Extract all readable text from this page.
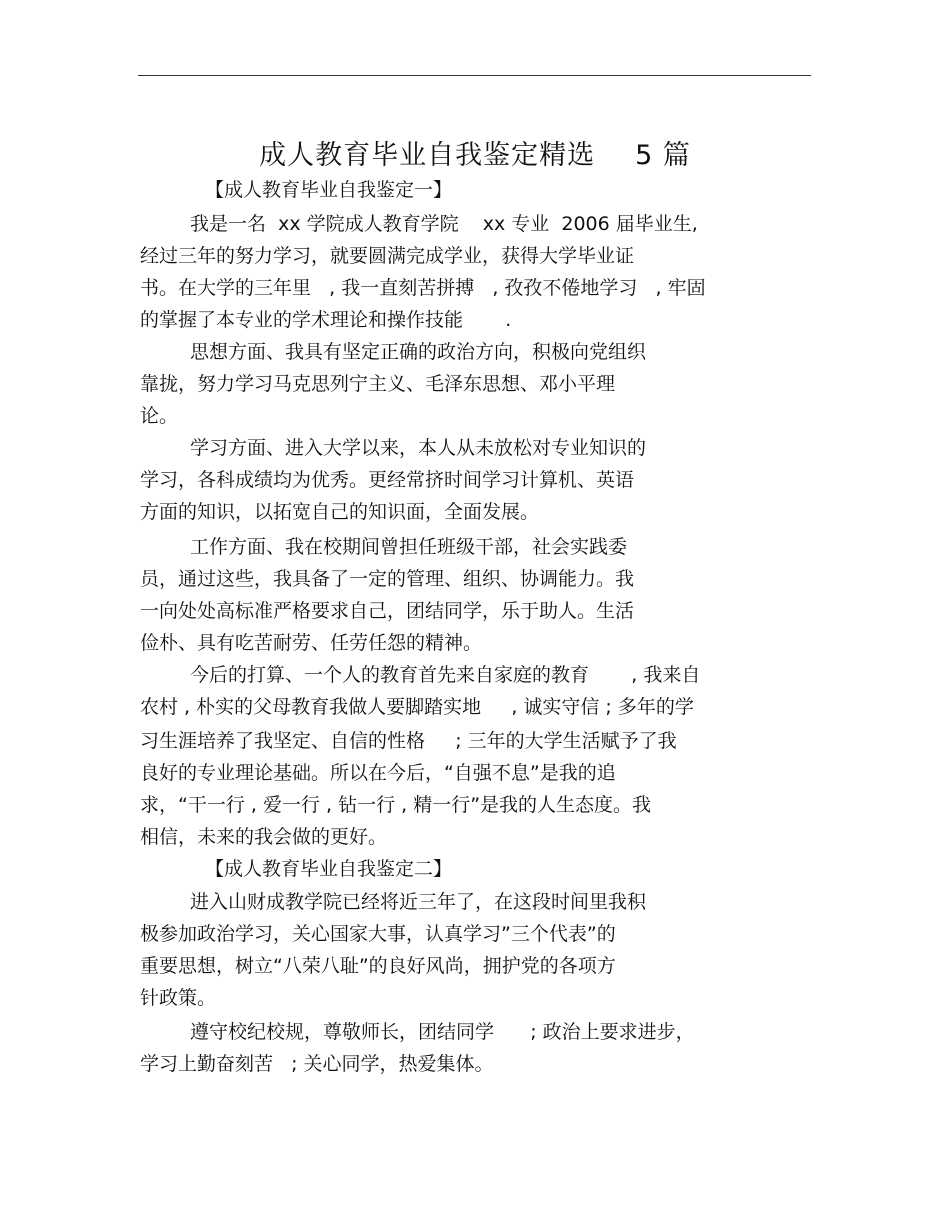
成人教育毕业自我鉴定精选 5 篇
【成人教育毕业自我鉴定一】
我是一名  xx 学院成人教育学院    xx 专业  2006 届毕业生,
经过三年的努力学习，就要圆满完成学业，获得大学毕业证
书。在大学的三年里   , 我一直刻苦拼搏   , 孜孜不倦地学习   , 牢固
的掌握了本专业的学术理论和操作技能       .
思想方面、我具有坚定正确的政治方向，积极向党组织
靠拢，努力学习马克思列宁主义、毛泽东思想、邓小平理
论。
学习方面、进入大学以来，本人从未放松对专业知识的
学习，各科成绩均为优秀。更经常挤时间学习计算机、英语
方面的知识，以拓宽自己的知识面，全面发展。
工作方面、我在校期间曾担任班级干部，社会实践委
员，通过这些，我具备了一定的管理、组织、协调能力。我
一向处处高标准严格要求自己，团结同学，乐于助人。生活
俭朴、具有吃苦耐劳、任劳任怨的精神。
今后的打算、一个人的教育首先来自家庭的教育       , 我来自
农村 , 朴实的父母教育我做人要脚踏实地     , 诚实守信 ; 多年的学
习生涯培养了我坚定、自信的性格     ; 三年的大学生活赋予了我
良好的专业理论基础。所以在今后，“自强不息”是我的追
求，“干一行 , 爱一行 , 钻一行 , 精一行”是我的人生态度。我
相信，未来的我会做的更好。
【成人教育毕业自我鉴定二】
进入山财成教学院已经将近三年了，在这段时间里我积
极参加政治学习，关心国家大事，认真学习”三个代表”的
重要思想，树立“八荣八耻”的良好风尚，拥护党的各项方
针政策。
遵守校纪校规，尊敬师长，团结同学      ; 政治上要求进步，
学习上勤奋刻苦   ; 关心同学，热爱集体。
